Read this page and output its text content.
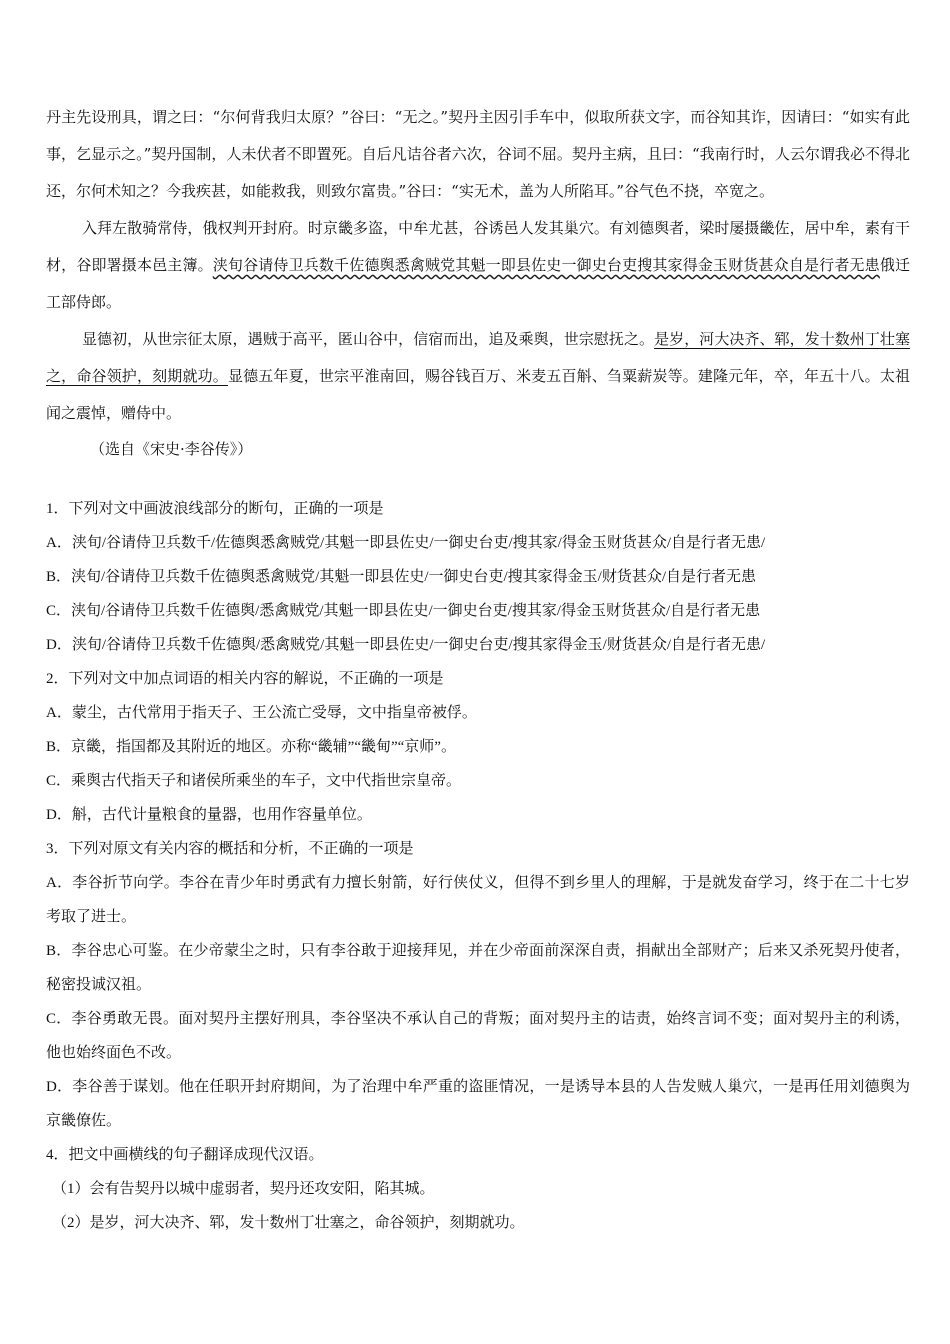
丹主先设刑具，谓之曰：“尔何背我归太原？”谷曰：“无之。”契丹主因引手车中，似取所获文字，而谷知其诈，因请曰：“如实有此事，乞显示之。”契丹国制，人未伏者不即置死。自后凡诘谷者六次，谷词不屈。契丹主病，且曰：“我南行时，人云尔谓我必不得北还，尔何术知之？今我疾甚，如能救我，则致尔富贵。”谷曰：“实无术，盖为人所陷耳。”谷气色不挠，卒宽之。

入拜左散骑常侍，俄权判开封府。时京畿多盗，中牟尤甚，谷诱邑人发其巢穴。有刘德舆者，梁时屡摄畿佐，居中牟，素有干材，谷即署摄本邑主簿。浃旬谷请侍卫兵数千佐德舆悉禽贼党其魁一即县佐史一御史台吏搜其家得金玉财货甚众自是行者无患俄迁工部侍郎。

显德初，从世宗征太原，遇贼于高平，匿山谷中，信宿而出，追及乘舆，世宗慰抚之。是岁，河大决齐、郓，发十数州丁壮塞之，命谷领护，刻期就功。显德五年夏，世宗平淮南回，赐谷钱百万、米麦五百斛、刍粟薪炭等。建隆元年，卒，年五十八。太祖闻之震悼，赠侍中。

（选自《宋史·李谷传》）

1．下列对文中画波浪线部分的断句，正确的一项是

A．浃旬/谷请侍卫兵数千/佐德舆悉禽贼党/其魁一即县佐史/一御史台吏/搜其家/得金玉财货甚众/自是行者无患/

B．浃旬/谷请侍卫兵数千佐德舆悉禽贼党/其魁一即县佐史/一御史台吏/搜其家得金玉/财货甚众/自是行者无患

C．浃旬/谷请侍卫兵数千佐德舆/悉禽贼党/其魁一即县佐史/一御史台吏/搜其家/得金玉财货甚众/自是行者无患

D．浃旬/谷请侍卫兵数千佐德舆/悉禽贼党/其魁一即县佐史/一御史台吏/搜其家得金玉/财货甚众/自是行者无患/

2．下列对文中加点词语的相关内容的解说，不正确的一项是

A．蒙尘，古代常用于指天子、王公流亡受辱，文中指皇帝被俘。

B．京畿，指国都及其附近的地区。亦称“畿辅”“畿甸”“京师”。

C．乘舆古代指天子和诸侯所乘坐的车子，文中代指世宗皇帝。

D．斛，古代计量粮食的量器，也用作容量单位。

3．下列对原文有关内容的概括和分析，不正确的一项是

A．李谷折节向学。李谷在青少年时勇武有力擅长射箭，好行侠仗义，但得不到乡里人的理解，于是就发奋学习，终于在二十七岁考取了进士。

B．李谷忠心可鉴。在少帝蒙尘之时，只有李谷敢于迎接拜见，并在少帝面前深深自责，捐献出全部财产；后来又杀死契丹使者，秘密投诚汉祖。

C．李谷勇敢无畏。面对契丹主摆好刑具，李谷坚决不承认自己的背叛；面对契丹主的诘责，始终言词不变；面对契丹主的利诱，他也始终面色不改。

D．李谷善于谋划。他在任职开封府期间，为了治理中牟严重的盗匪情况，一是诱导本县的人告发贼人巢穴，一是再任用刘德舆为京畿僚佐。

4．把文中画横线的句子翻译成现代汉语。

（1）会有告契丹以城中虚弱者，契丹还攻安阳，陷其城。

（2）是岁，河大决齐、郓，发十数州丁壮塞之，命谷领护，刻期就功。
